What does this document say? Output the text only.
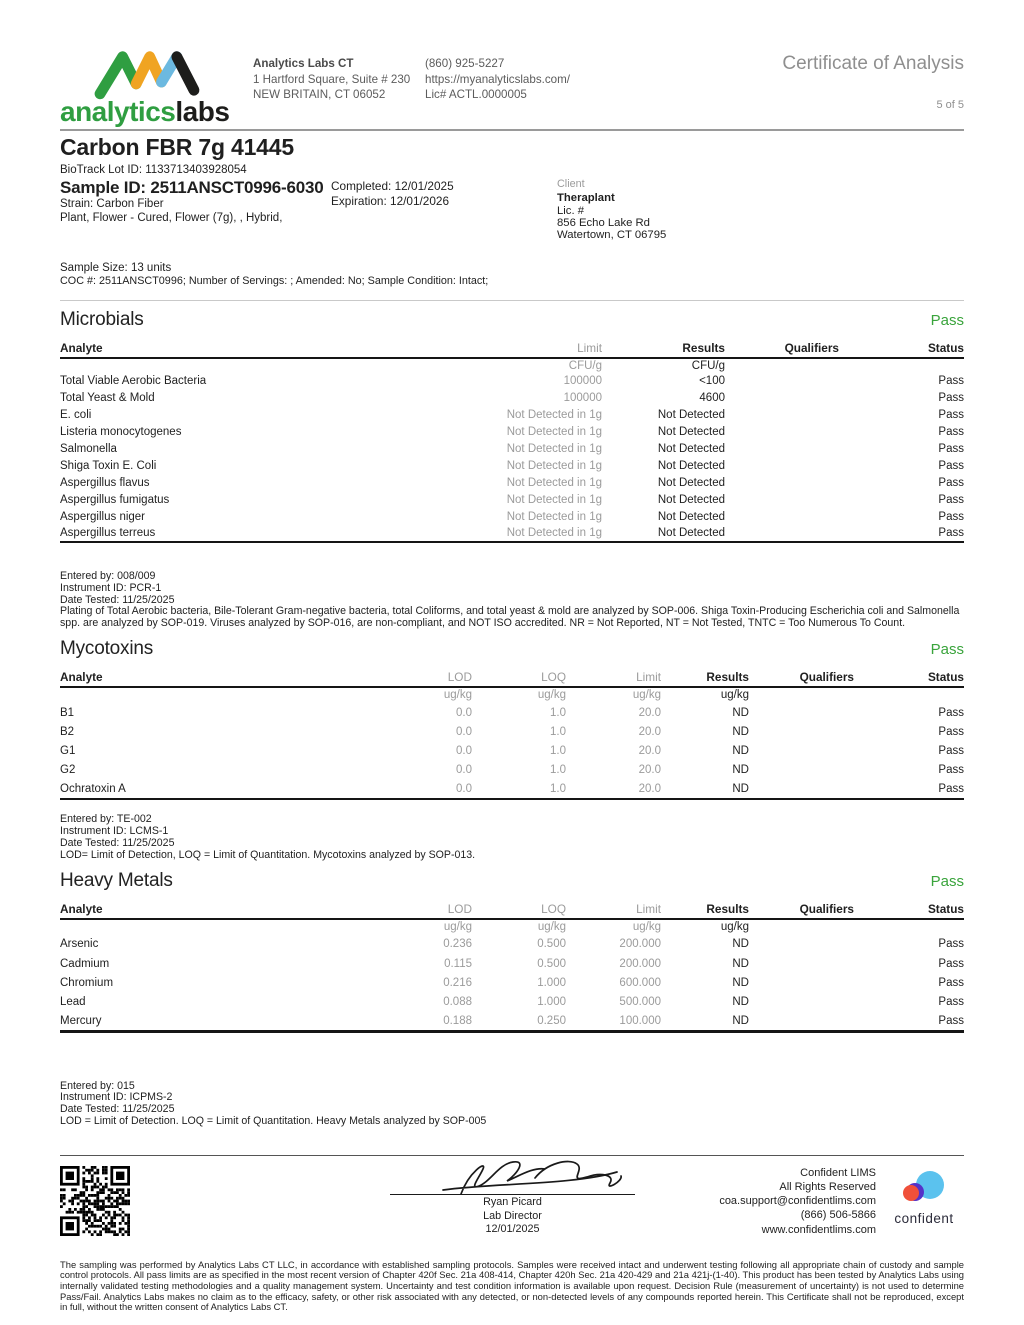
analyticslabs
Analytics Labs CT
1 Hartford Square, Suite # 230
NEW BRITAIN, CT 06052
(860) 925-5227
https://myanalyticslabs.com/
Lic# ACTL.0000005
Certificate of Analysis
5 of 5
Carbon FBR 7g 41445
BioTrack Lot ID: 1133713403928054
Sample ID: 2511ANSCT0996-6030
Strain: Carbon Fiber
Plant, Flower - Cured, Flower (7g), , Hybrid,
Completed: 12/01/2025
Expiration: 12/01/2026
Client
Theraplant
Lic. #
856 Echo Lake Rd
Watertown, CT 06795
Sample Size: 13 units
COC #: 2511ANSCT0996; Number of Servings: ; Amended: No; Sample Condition: Intact;
Microbials	Pass
Analyte	Limit	Results	Qualifiers	Status
	CFU/g	CFU/g		
Total Viable Aerobic Bacteria	100000	<100		Pass
Total Yeast & Mold	100000	4600		Pass
E. coli	Not Detected in 1g	Not Detected		Pass
Listeria monocytogenes	Not Detected in 1g	Not Detected		Pass
Salmonella	Not Detected in 1g	Not Detected		Pass
Shiga Toxin E. Coli	Not Detected in 1g	Not Detected		Pass
Aspergillus flavus	Not Detected in 1g	Not Detected		Pass
Aspergillus fumigatus	Not Detected in 1g	Not Detected		Pass
Aspergillus niger	Not Detected in 1g	Not Detected		Pass
Aspergillus terreus	Not Detected in 1g	Not Detected		Pass
Entered by: 008/009
Instrument ID: PCR-1
Date Tested: 11/25/2025
Plating of Total Aerobic bacteria, Bile-Tolerant Gram-negative bacteria, total Coliforms, and total yeast & mold are analyzed by SOP-006. Shiga Toxin-Producing Escherichia coli and Salmonella spp. are analyzed by SOP-019. Viruses analyzed by SOP-016, are non-compliant, and NOT ISO accredited. NR = Not Reported, NT = Not Tested, TNTC = Too Numerous To Count.
Mycotoxins	Pass
Analyte	LOD	LOQ	Limit	Results	Qualifiers	Status
	ug/kg	ug/kg	ug/kg	ug/kg		
B1	0.0	1.0	20.0	ND		Pass
B2	0.0	1.0	20.0	ND		Pass
G1	0.0	1.0	20.0	ND		Pass
G2	0.0	1.0	20.0	ND		Pass
Ochratoxin A	0.0	1.0	20.0	ND		Pass
Entered by: TE-002
Instrument ID: LCMS-1
Date Tested: 11/25/2025
LOD= Limit of Detection, LOQ = Limit of Quantitation. Mycotoxins analyzed by SOP-013.
Heavy Metals	Pass
Analyte	LOD	LOQ	Limit	Results	Qualifiers	Status
	ug/kg	ug/kg	ug/kg	ug/kg		
Arsenic	0.236	0.500	200.000	ND		Pass
Cadmium	0.115	0.500	200.000	ND		Pass
Chromium	0.216	1.000	600.000	ND		Pass
Lead	0.088	1.000	500.000	ND		Pass
Mercury	0.188	0.250	100.000	ND		Pass
Entered by: 015
Instrument ID: ICPMS-2
Date Tested: 11/25/2025
LOD = Limit of Detection. LOQ = Limit of Quantitation. Heavy Metals analyzed by SOP-005
Ryan Picard
Lab Director
12/01/2025
Confident LIMS
All Rights Reserved
coa.support@confidentlims.com
(866) 506-5866
www.confidentlims.com
confident
The sampling was performed by Analytics Labs CT LLC, in accordance with established sampling protocols. Samples were received intact and underwent testing following all appropriate chain of custody and sample control protocols. All pass limits are as specified in the most recent version of Chapter 420f Sec. 21a 408-414, Chapter 420h Sec. 21a 420-429 and 21a 421j-(1-40). This product has been tested by Analytics Labs using internally validated testing methodologies and a quality management system. Uncertainty and test condition information is available upon request. Decision Rule (measurement of uncertainty) is not used to determine Pass/Fail. Analytics Labs makes no claim as to the efficacy, safety, or other risk associated with any detected, or non-detected levels of any compounds reported herein. This Certificate shall not be reproduced, except in full, without the written consent of Analytics Labs CT.
